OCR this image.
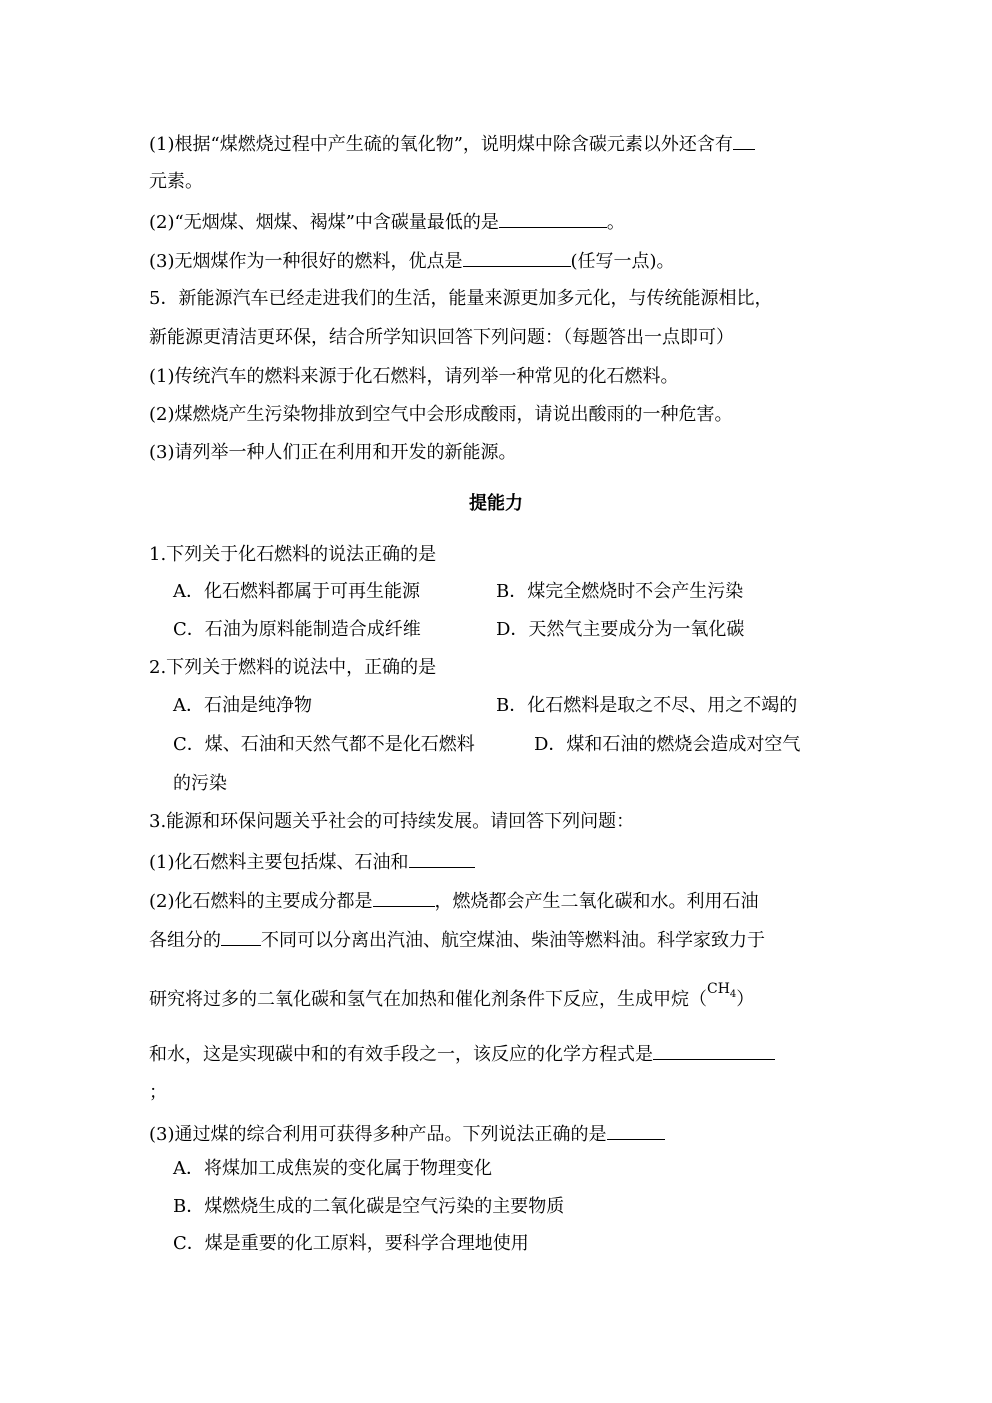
(1)根据“煤燃烧过程中产生硫的氧化物”，说明煤中除含碳元素以外还含有
元素。
(2)“无烟煤、烟煤、褐煤”中含碳量最低的是	。
(3)无烟煤作为一种很好的燃料，优点是	(任写一点)。
5．新能源汽车已经走进我们的生活，能量来源更加多元化，与传统能源相比，
新能源更清洁更环保，结合所学知识回答下列问题：（每题答出一点即可）
(1)传统汽车的燃料来源于化石燃料，请列举一种常见的化石燃料。
(2)煤燃烧产生污染物排放到空气中会形成酸雨，请说出酸雨的一种危害。
(3)请列举一种人们正在利用和开发的新能源。
提能力
1.下列关于化石燃料的说法正确的是
A．化石燃料都属于可再生能源	B．煤完全燃烧时不会产生污染
C．石油为原料能制造合成纤维	D．天然气主要成分为一氧化碳
2.下列关于燃料的说法中，正确的是
A．石油是纯净物	B．化石燃料是取之不尽、用之不竭的
C．煤、石油和天然气都不是化石燃料	D．煤和石油的燃烧会造成对空气
的污染
3.能源和环保问题关乎社会的可持续发展。请回答下列问题：
(1)化石燃料主要包括煤、石油和
(2)化石燃料的主要成分都是	，燃烧都会产生二氧化碳和水。利用石油
各组分的 不同可以分离出汽油、航空煤油、柴油等燃料油。科学家致力于
研究将过多的二氧化碳和氢气在加热和催化剂条件下反应，生成甲烷（$^{CH_4}$）
和水，这是实现碳中和的有效手段之一，该反应的化学方程式是
；
(3)通过煤的综合利用可获得多种产品。下列说法正确的是
A．将煤加工成焦炭的变化属于物理变化
B．煤燃烧生成的二氧化碳是空气污染的主要物质
C．煤是重要的化工原料，要科学合理地使用
